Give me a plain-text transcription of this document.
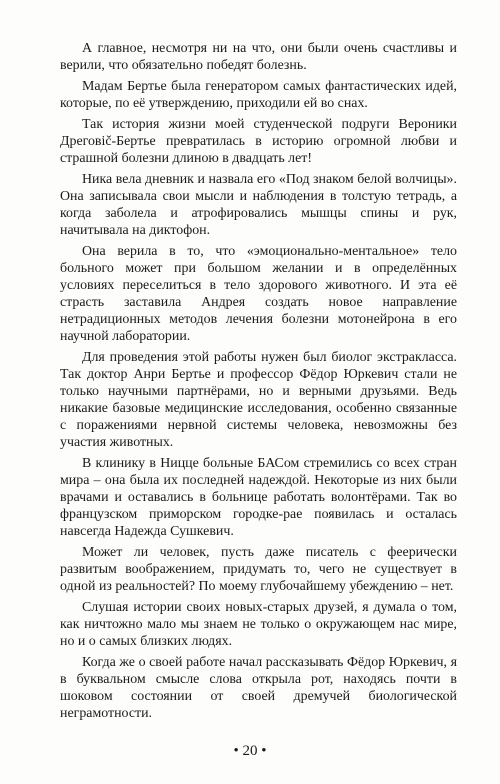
А главное, несмотря ни на что, они были очень счастливы и верили, что обязательно победят болезнь.

Мадам Бертье была генератором самых фантастических идей, которые, по её утверждению, приходили ей во снах.

Так история жизни моей студенческой подруги Вероники Дреговič-Бертье превратилась в историю огромной любви и страшной болезни длиною в двадцать лет!

Ника вела дневник и назвала его «Под знаком белой волчицы». Она записывала свои мысли и наблюдения в толстую тетрадь, а когда заболела и атрофировались мышцы спины и рук, начитывала на диктофон.

Она верила в то, что «эмоционально-ментальное» тело больного может при большом желании и в определённых условиях переселиться в тело здорового животного. И эта её страсть заставила Андрея создать новое направление нетрадиционных методов лечения болезни мотонейрона в его научной лаборатории.

Для проведения этой работы нужен был биолог экстракласса. Так доктор Анри Бертье и профессор Фёдор Юркевич стали не только научными партнёрами, но и верными друзьями. Ведь никакие базовые медицинские исследования, особенно связанные с поражениями нервной системы человека, невозможны без участия животных.

В клинику в Ницце больные БАСом стремились со всех стран мира – она была их последней надеждой. Некоторые из них были врачами и оставались в больнице работать волонтёрами. Так во французском приморском городке-рае появилась и осталась навсегда Надежда Сушкевич.

Может ли человек, пусть даже писатель с феерически развитым воображением, придумать то, чего не существует в одной из реальностей? По моему глубочайшему убеждению – нет.

Слушая истории своих новых-старых друзей, я думала о том, как ничтожно мало мы знаем не только о окружающем нас мире, но и о самых близких людях.

Когда же о своей работе начал рассказывать Фёдор Юркевич, я в буквальном смысле слова открыла рот, находясь почти в шоковом состоянии от своей дремучей биологической неграмотности.

• 20 •
